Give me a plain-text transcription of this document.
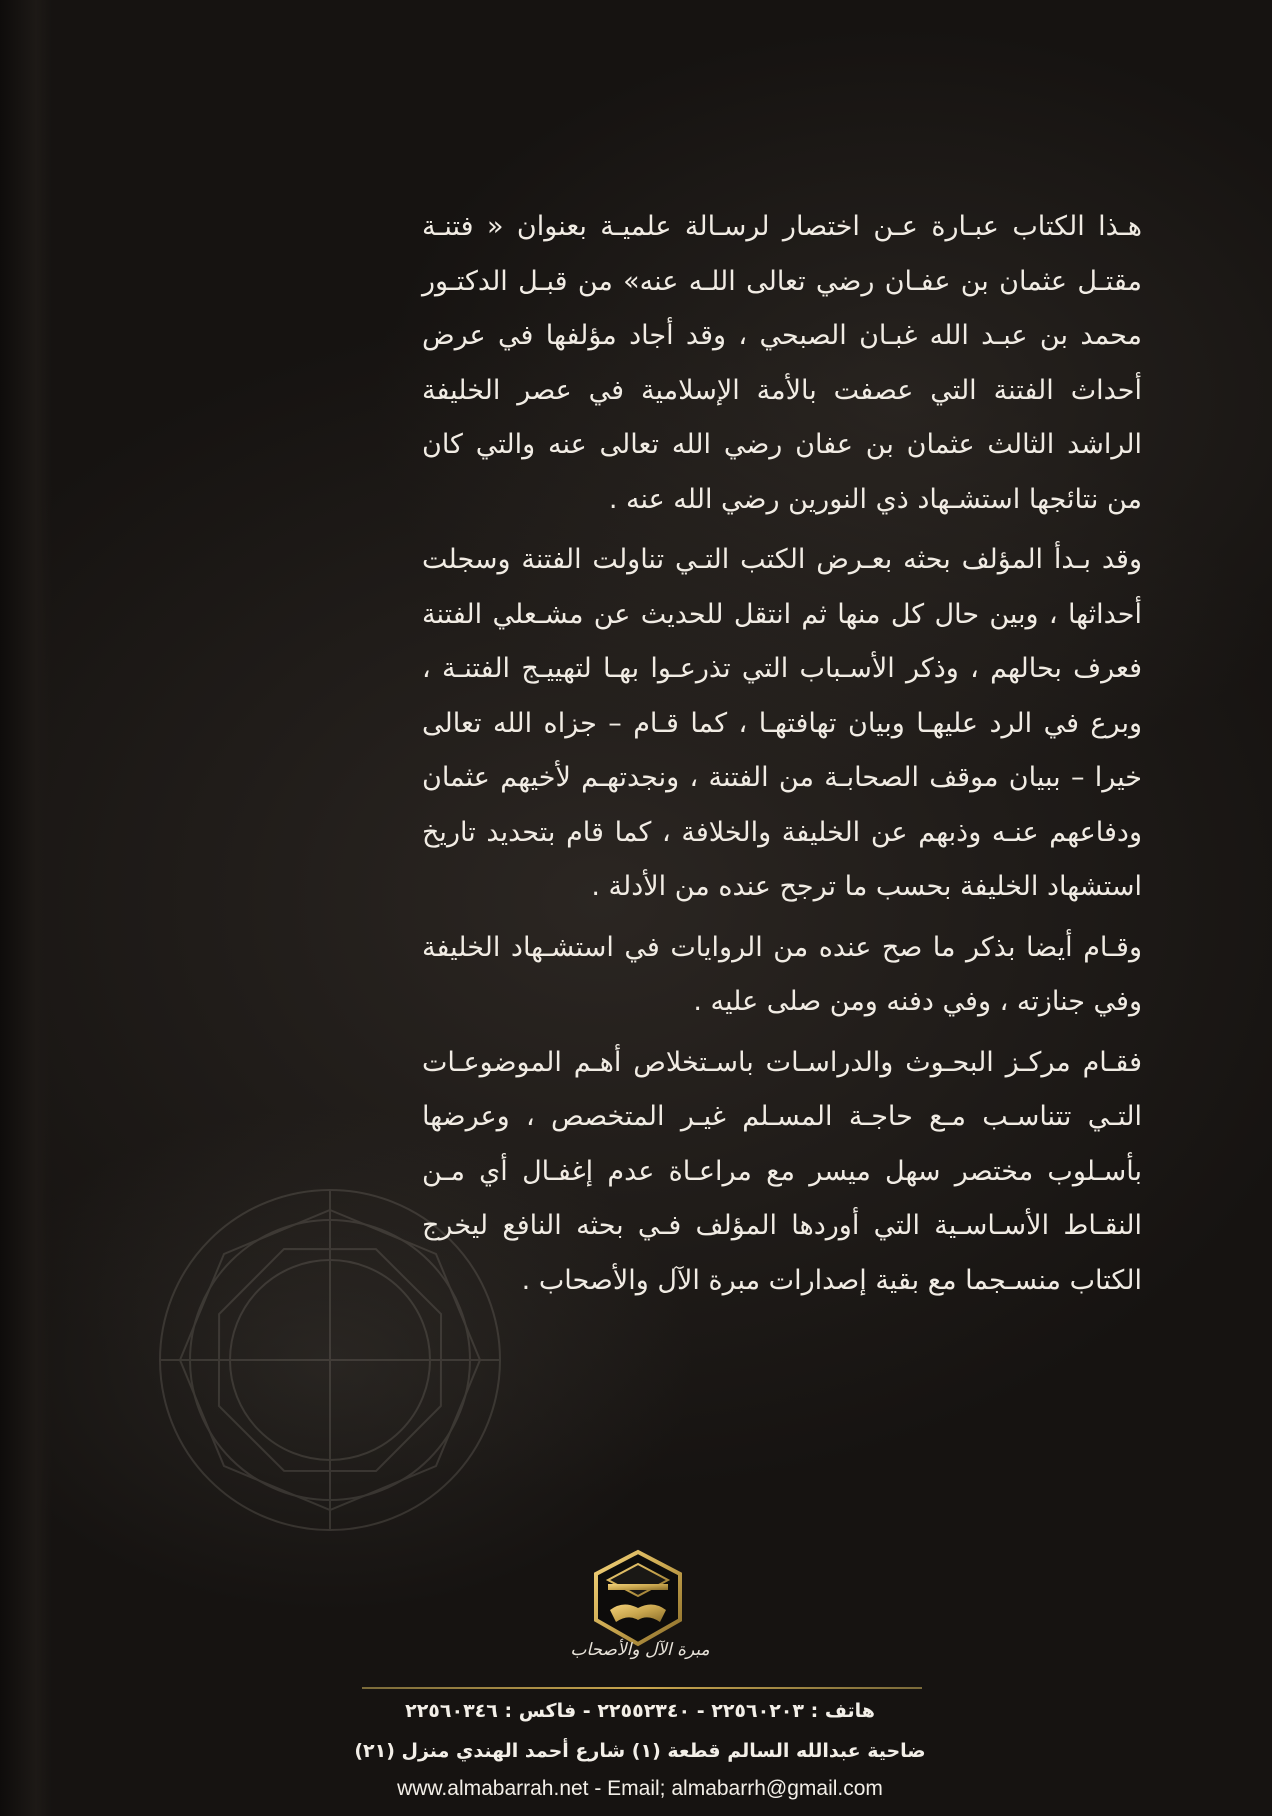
هـذا الكتاب عبـارة عـن اختصار لرسـالة علميـة بعنوان « فتنـة مقتـل عثمان بن عفـان رضي تعالى اللـه عنه» من قبـل الدكتـور محمد بن عبـد الله غبـان الصبحي ، وقد أجاد مؤلفها في عرض أحداث الفتنة التي عصفت بالأمة الإسلامية في عصر الخليفة الراشد الثالث عثمان بن عفان رضي الله تعالى عنه والتي كان من نتائجها استشـهاد ذي النورين رضي الله عنه .

وقد بـدأ المؤلف بحثه بعـرض الكتب التـي تناولت الفتنة وسجلت أحداثها ، وبين حال كل منها ثم انتقل للحديث عن مشـعلي الفتنة فعرف بحالهم ، وذكر الأسـباب التي تذرعـوا بهـا لتهييـج الفتنـة ، وبرع في الرد عليهـا وبيان تهافتهـا ، كما قـام – جزاه الله تعالى خيرا – ببيان موقف الصحابـة من الفتنة ، ونجدتهـم لأخيهم عثمان ودفاعهم عنـه وذبهم عن الخليفة والخلافة ، كما قام بتحديد تاريخ استشهاد الخليفة بحسب ما ترجح عنده من الأدلة .

وقـام أيضا بذكر ما صح عنده من الروايات في استشـهاد الخليفة وفي جنازته ، وفي دفنه ومن صلى عليه .

فقـام مركـز البحـوث والدراسـات باسـتخلاص أهـم الموضوعـات التـي تتناسـب مـع حاجـة المسـلم غيـر المتخصص ، وعرضها بأسـلوب مختصر سهل ميسر مع مراعـاة عدم إغفـال أي مـن النقـاط الأسـاسـية التي أوردها المؤلف فـي بحثه النافع ليخرج الكتاب منسـجما مع بقية إصدارات مبرة الآل والأصحاب .

مبرة الآل والأصحاب
هاتف : ٢٢٥٦٠٢٠٣ - ٢٢٥٥٢٣٤٠ - فاكس : ٢٢٥٦٠٣٤٦
ضاحية عبدالله السالم قطعة (١) شارع أحمد الهندي منزل (٢١)
www.almabarrah.net - Email; almabarrh@gmail.com
